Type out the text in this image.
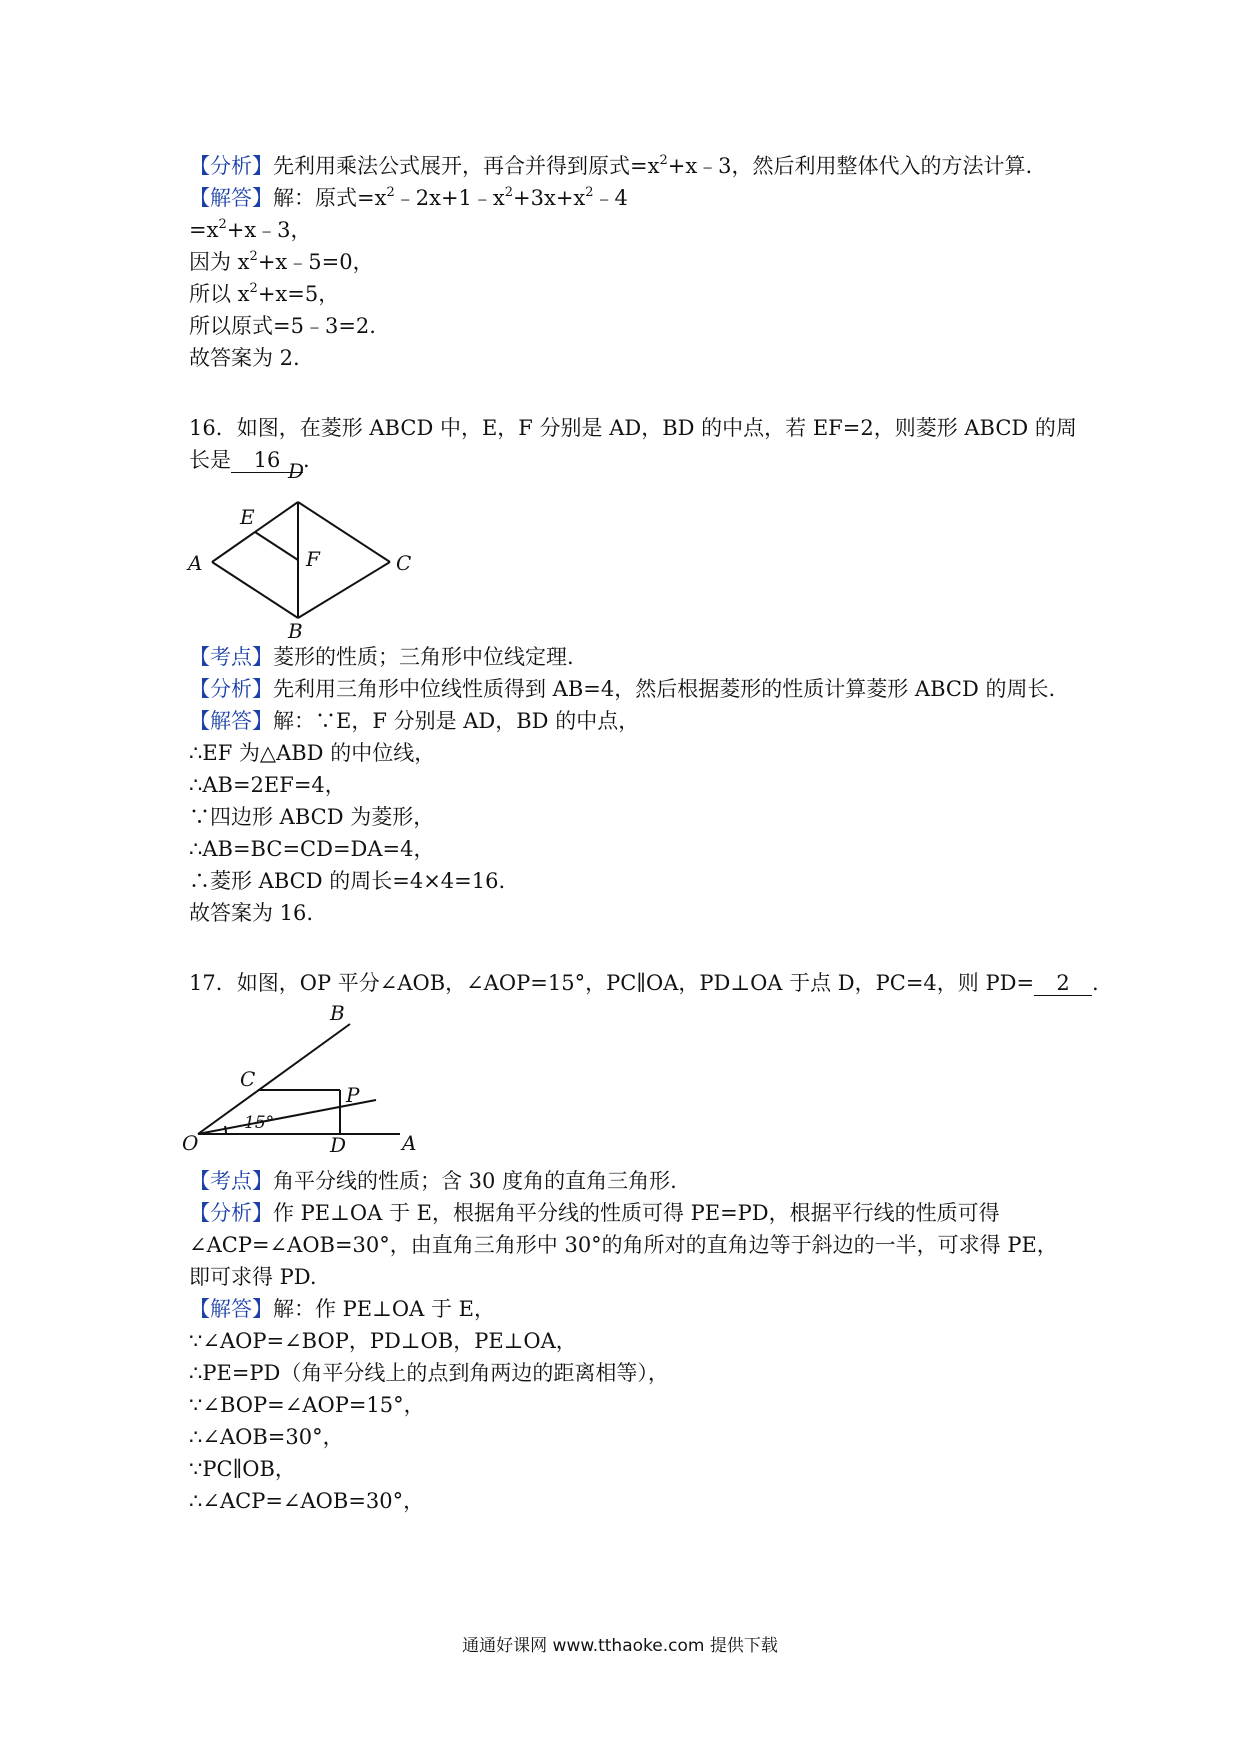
【分析】先利用乘法公式展开，再合并得到原式$=x^2+x﹣3$，然后利用整体代入的方法计算.
【解答】解：原式$=x^2﹣2x+1﹣x^2+3x+x^2﹣4$
$=x^2+x﹣3$，
因为 $x^2+x﹣5=0$，
所以 $x^2+x=5$，
所以原式=5﹣3=2.
故答案为 2.
16．如图，在菱形 ABCD 中，E，F 分别是 AD，BD 的中点，若 EF=2，则菱形 ABCD 的周
长是 16 .
A
D
E
F	C
B
【考点】菱形的性质；三角形中位线定理.
【分析】先利用三角形中位线性质得到 AB=4，然后根据菱形的性质计算菱形 ABCD 的周长.
【解答】解：∵E，F 分别是 AD，BD 的中点，
∴EF 为△ABD 的中位线，
∴AB=2EF=4，
∵四边形 ABCD 为菱形，
∴AB=BC=CD=DA=4，
∴菱形 ABCD 的周长=4×4=16.
故答案为 16.
17．如图，OP 平分∠AOB，∠AOP=15°，PC∥OA，PD⊥OA 于点 D，PC=4，则 PD= 2 .
B
C
P
O	D	A
15°
【考点】角平分线的性质；含 30 度角的直角三角形.
【分析】作 PE⊥OA 于 E，根据角平分线的性质可得 PE=PD，根据平行线的性质可得
∠ACP=∠AOB=30°，由直角三角形中 30°的角所对的直角边等于斜边的一半，可求得 PE，
即可求得 PD.
【解答】解：作 PE⊥OA 于 E，
∵∠AOP=∠BOP，PD⊥OB，PE⊥OA，
∴PE=PD（角平分线上的点到角两边的距离相等），
∵∠BOP=∠AOP=15°，
∴∠AOB=30°，
∵PC∥OB，
∴∠ACP=∠AOB=30°，
通通好课网 www.tthaoke.com 提供下载
